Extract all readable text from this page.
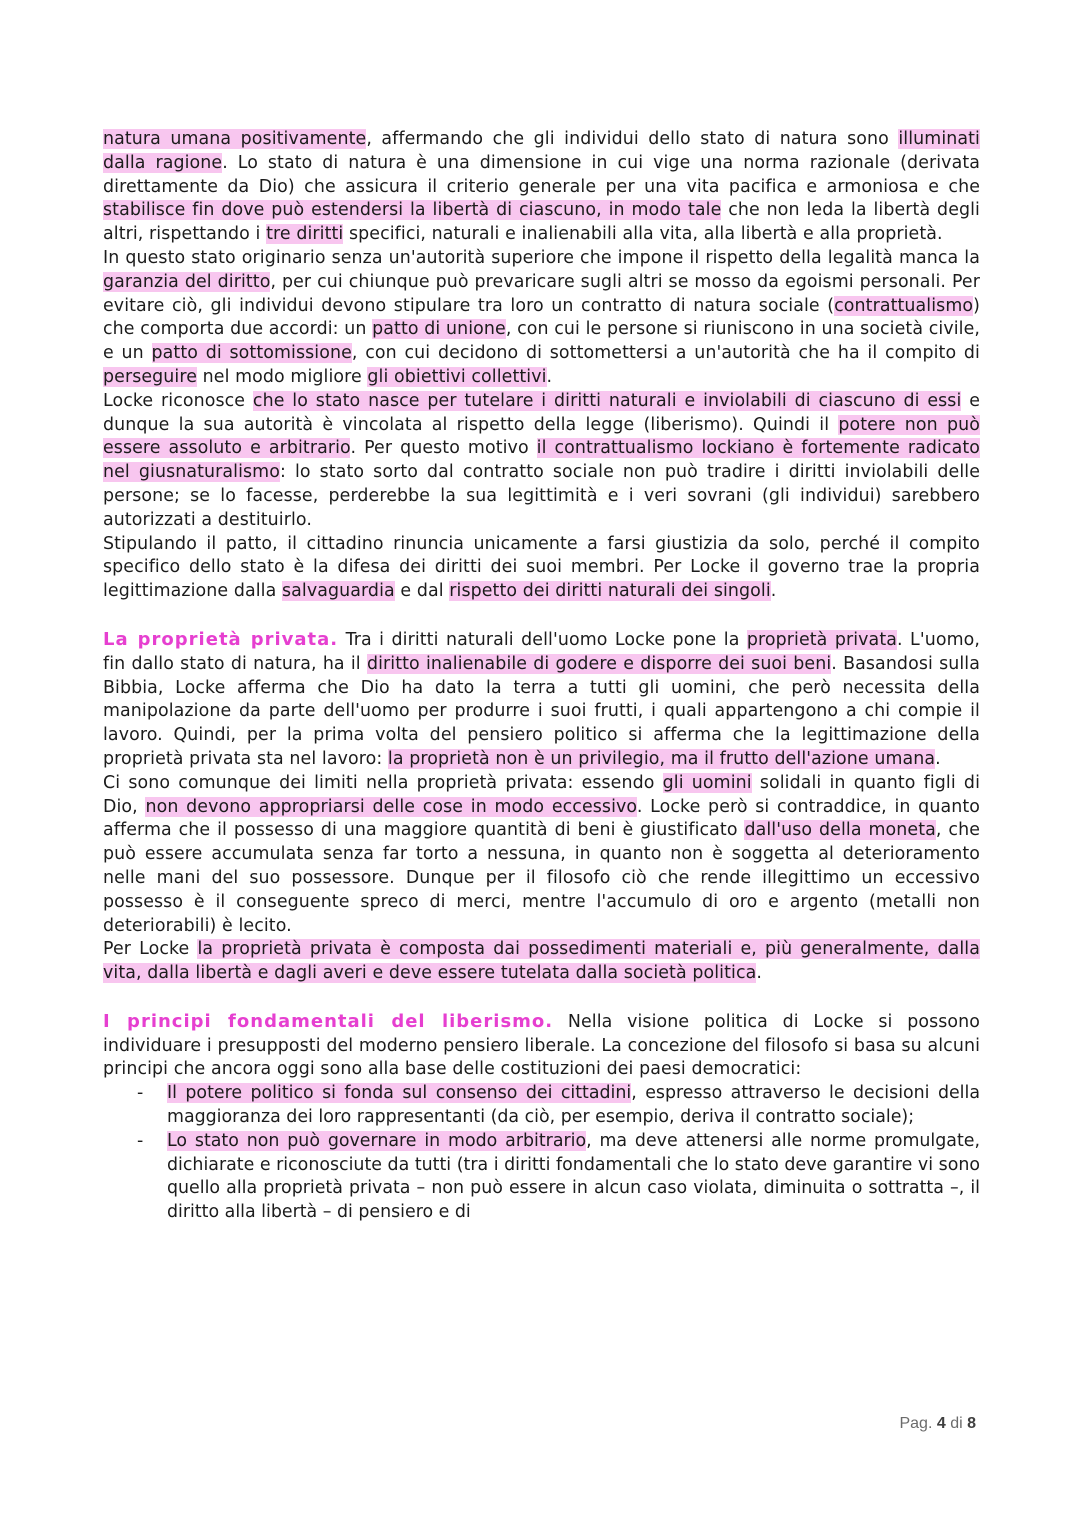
natura umana positivamente, affermando che gli individui dello stato di natura sono illuminati dalla ragione. Lo stato di natura è una dimensione in cui vige una norma razionale (derivata direttamente da Dio) che assicura il criterio generale per una vita pacifica e armoniosa e che stabilisce fin dove può estendersi la libertà di ciascuno, in modo tale che non leda la libertà degli altri, rispettando i tre diritti specifici, naturali e inalienabili alla vita, alla libertà e alla proprietà.

In questo stato originario senza un'autorità superiore che impone il rispetto della legalità manca la garanzia del diritto, per cui chiunque può prevaricare sugli altri se mosso da egoismi personali. Per evitare ciò, gli individui devono stipulare tra loro un contratto di natura sociale (contrattualismo) che comporta due accordi: un patto di unione, con cui le persone si riuniscono in una società civile, e un patto di sottomissione, con cui decidono di sottomettersi a un'autorità che ha il compito di perseguire nel modo migliore gli obiettivi collettivi.

Locke riconosce che lo stato nasce per tutelare i diritti naturali e inviolabili di ciascuno di essi e dunque la sua autorità è vincolata al rispetto della legge (liberismo). Quindi il potere non può essere assoluto e arbitrario. Per questo motivo il contrattualismo lockiano è fortemente radicato nel giusnaturalismo: lo stato sorto dal contratto sociale non può tradire i diritti inviolabili delle persone; se lo facesse, perderebbe la sua legittimità e i veri sovrani (gli individui) sarebbero autorizzati a destituirlo.

Stipulando il patto, il cittadino rinuncia unicamente a farsi giustizia da solo, perché il compito specifico dello stato è la difesa dei diritti dei suoi membri. Per Locke il governo trae la propria legittimazione dalla salvaguardia e dal rispetto dei diritti naturali dei singoli.

La proprietà privata. Tra i diritti naturali dell'uomo Locke pone la proprietà privata. L'uomo, fin dallo stato di natura, ha il diritto inalienabile di godere e disporre dei suoi beni. Basandosi sulla Bibbia, Locke afferma che Dio ha dato la terra a tutti gli uomini, che però necessita della manipolazione da parte dell'uomo per produrre i suoi frutti, i quali appartengono a chi compie il lavoro. Quindi, per la prima volta del pensiero politico si afferma che la legittimazione della proprietà privata sta nel lavoro: la proprietà non è un privilegio, ma il frutto dell'azione umana.

Ci sono comunque dei limiti nella proprietà privata: essendo gli uomini solidali in quanto figli di Dio, non devono appropriarsi delle cose in modo eccessivo. Locke però si contraddice, in quanto afferma che il possesso di una maggiore quantità di beni è giustificato dall'uso della moneta, che può essere accumulata senza far torto a nessuna, in quanto non è soggetta al deterioramento nelle mani del suo possessore. Dunque per il filosofo ciò che rende illegittimo un eccessivo possesso è il conseguente spreco di merci, mentre l'accumulo di oro e argento (metalli non deteriorabili) è lecito.

Per Locke la proprietà privata è composta dai possedimenti materiali e, più generalmente, dalla vita, dalla libertà e dagli averi e deve essere tutelata dalla società politica.

I principi fondamentali del liberismo. Nella visione politica di Locke si possono individuare i presupposti del moderno pensiero liberale. La concezione del filosofo si basa su alcuni principi che ancora oggi sono alla base delle costituzioni dei paesi democratici:

- Il potere politico si fonda sul consenso dei cittadini, espresso attraverso le decisioni della maggioranza dei loro rappresentanti (da ciò, per esempio, deriva il contratto sociale);
- Lo stato non può governare in modo arbitrario, ma deve attenersi alle norme promulgate, dichiarate e riconosciute da tutti (tra i diritti fondamentali che lo stato deve garantire vi sono quello alla proprietà privata – non può essere in alcun caso violata, diminuita o sottratta –, il diritto alla libertà – di pensiero e di
Pag. 4 di 8
